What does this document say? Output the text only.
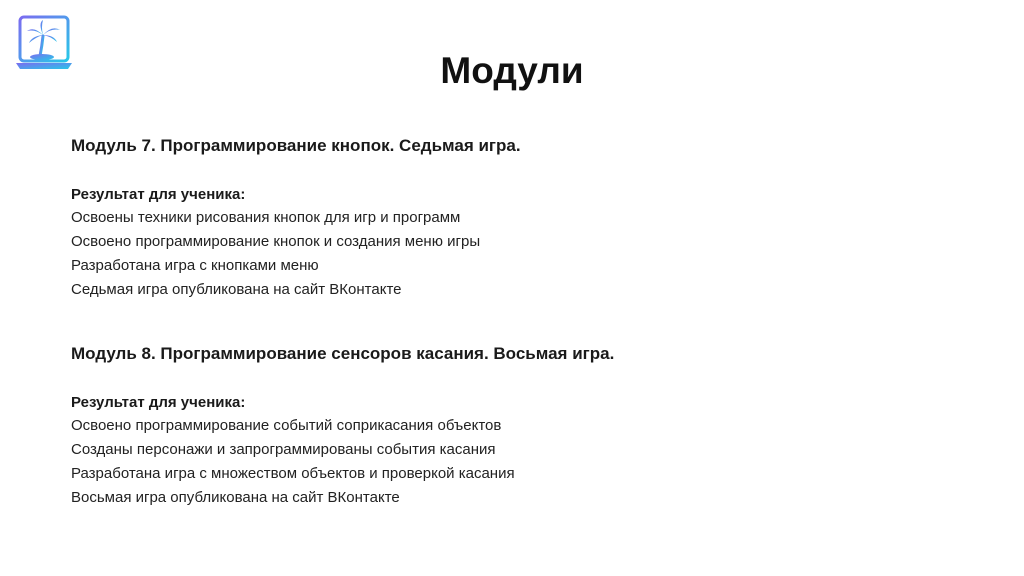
Модули
Модуль 7. Программирование кнопок. Седьмая игра.

Результат для ученика:

Освоены техники рисования кнопок для игр и программ
Освоено программирование кнопок и создания меню игры
Разработана игра с кнопками меню
Седьмая игра опубликована на сайт ВКонтакте
Модуль 8. Программирование сенсоров касания. Восьмая игра.

Результат для ученика:

Освоено программирование событий соприкасания объектов
Созданы персонажи и запрограммированы события касания
Разработана игра с множеством объектов и проверкой касания
Восьмая игра опубликована на сайт ВКонтакте
